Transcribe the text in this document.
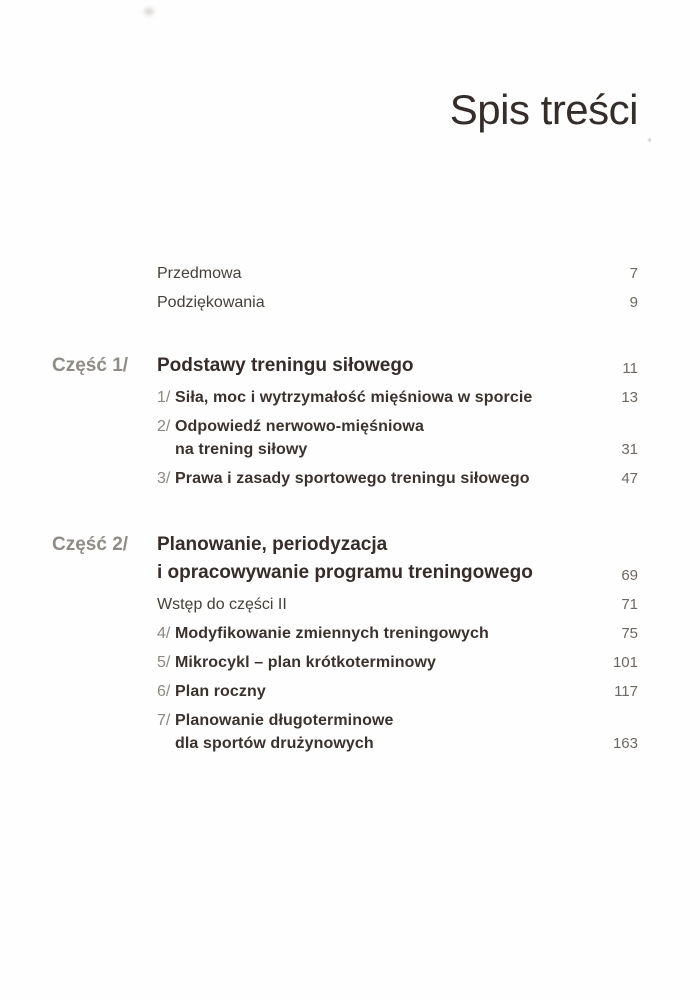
Spis treści
Przedmowa	7
Podziękowania	9
Część 1/ Podstawy treningu siłowego	11
1/ Siła, moc i wytrzymałość mięśniowa w sporcie	13
2/ Odpowiedź nerwowo-mięśniowa
na trening siłowy	31
3/ Prawa i zasady sportowego treningu siłowego	47
Część 2/ Planowanie, periodyzacja
i opracowywanie programu treningowego	69
Wstęp do części II	71
4/ Modyfikowanie zmiennych treningowych	75
5/ Mikrocykl – plan krótkoterminowy	101
6/ Plan roczny	117
7/ Planowanie długoterminowe
dla sportów drużynowych	163
